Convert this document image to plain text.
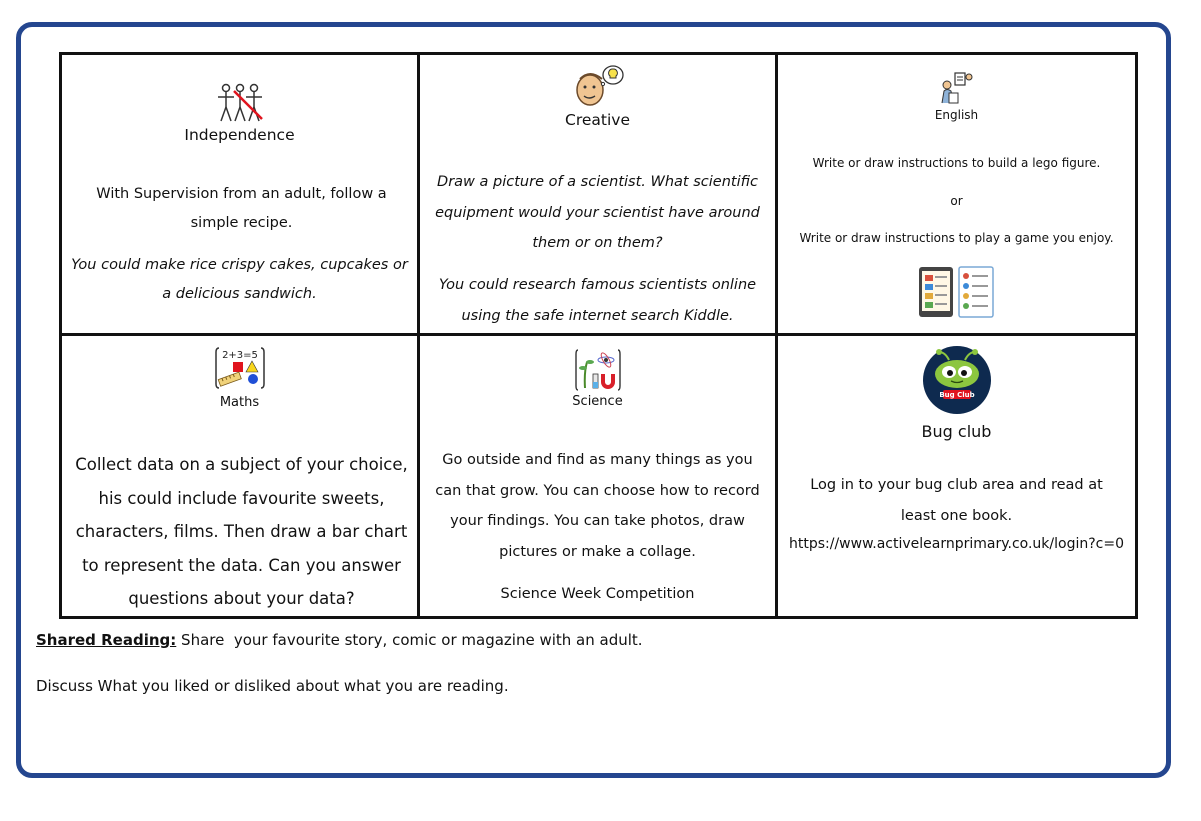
Independence
With Supervision from an adult, follow a simple recipe.
You could make rice crispy cakes, cupcakes or a delicious sandwich.
Creative
Draw a picture of a scientist. What scientific equipment would your scientist have around them or on them?
You could research famous scientists online using the safe internet search Kiddle.
English
Write or draw instructions to build a lego figure.
or
Write or draw instructions to play a game you enjoy.
2+3=5
Maths
Collect data on a subject of your choice, his could include favourite sweets, characters, films. Then draw a bar chart to represent the data. Can you answer questions about your data?
Science
Go outside and find as many things as you can that grow. You can choose how to record your findings. You can take photos, draw pictures or make a collage.
Science Week Competition
Bug Club
Bug club
Log in to your bug club area and read at least one book.
https://www.activelearnprimary.co.uk/login?c=0
Shared Reading: Share  your favourite story, comic or magazine with an adult.
Discuss What you liked or disliked about what you are reading.
